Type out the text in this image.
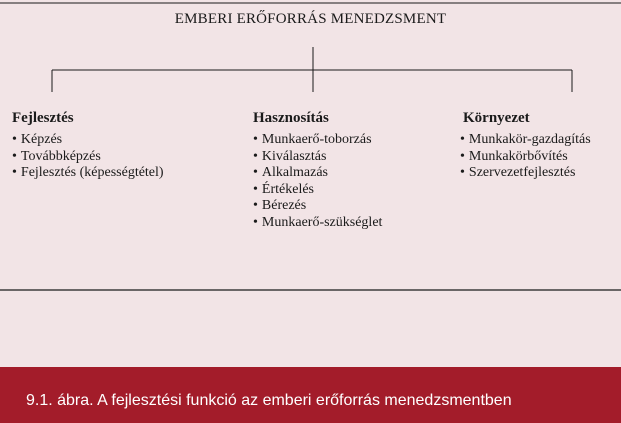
EMBERI ERŐFORRÁS MENEDZSMENT
Fejlesztés
• Képzés
• Továbbképzés
• Fejlesztés (képességtétel)
Hasznosítás
• Munkaerő-toborzás
• Kiválasztás
• Alkalmazás
• Értékelés
• Bérezés
• Munkaerő-szükséglet
Környezet
• Munkakör-gazdagítás
• Munkakörbővítés
• Szervezetfejlesztés
9.1. ábra. A fejlesztési funkció az emberi erőforrás menedzsmentben
